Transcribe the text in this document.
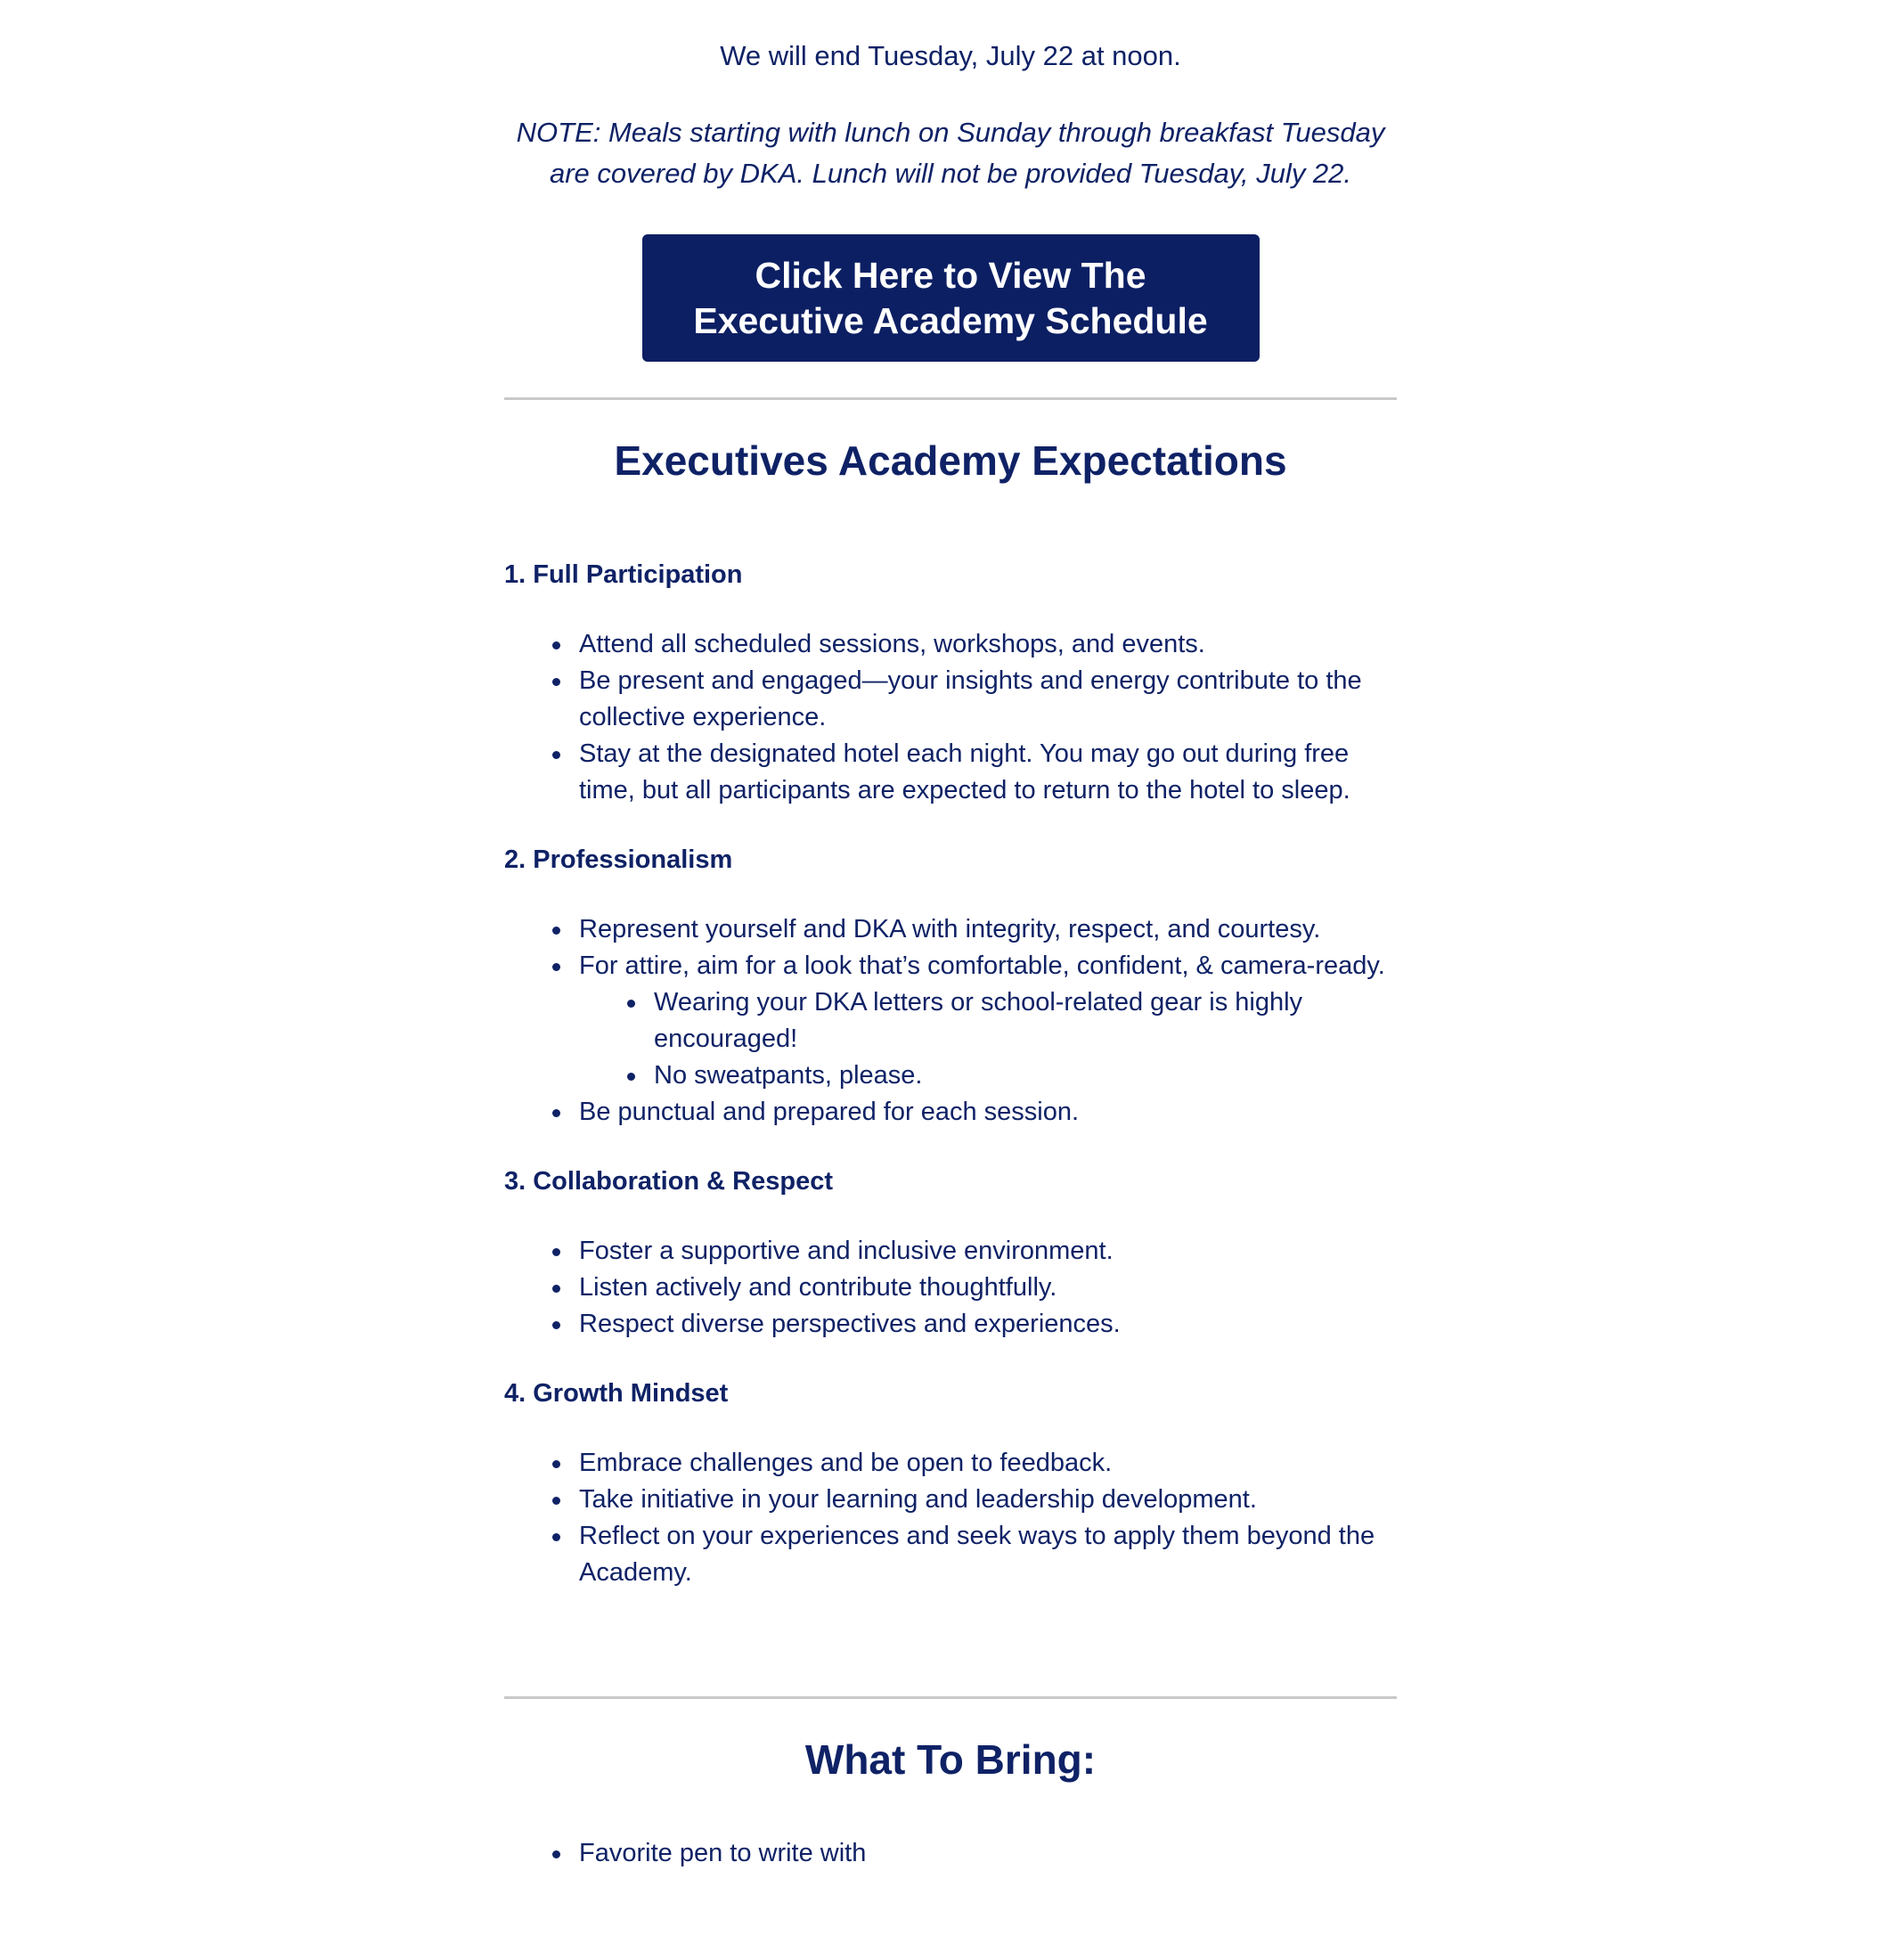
We will end Tuesday, July 22 at noon.
NOTE: Meals starting with lunch on Sunday through breakfast Tuesday are covered by DKA. Lunch will not be provided Tuesday, July 22.
Click Here to View The
Executive Academy Schedule
Executives Academy Expectations
1. Full Participation
Attend all scheduled sessions, workshops, and events.
Be present and engaged—your insights and energy contribute to the collective experience.
Stay at the designated hotel each night. You may go out during free time, but all participants are expected to return to the hotel to sleep.
2. Professionalism
Represent yourself and DKA with integrity, respect, and courtesy.
For attire, aim for a look that’s comfortable, confident, & camera-ready.
Wearing your DKA letters or school-related gear is highly encouraged!
No sweatpants, please.
Be punctual and prepared for each session.
3. Collaboration & Respect
Foster a supportive and inclusive environment.
Listen actively and contribute thoughtfully.
Respect diverse perspectives and experiences.
4. Growth Mindset
Embrace challenges and be open to feedback.
Take initiative in your learning and leadership development.
Reflect on your experiences and seek ways to apply them beyond the Academy.
What To Bring:
Favorite pen to write with
